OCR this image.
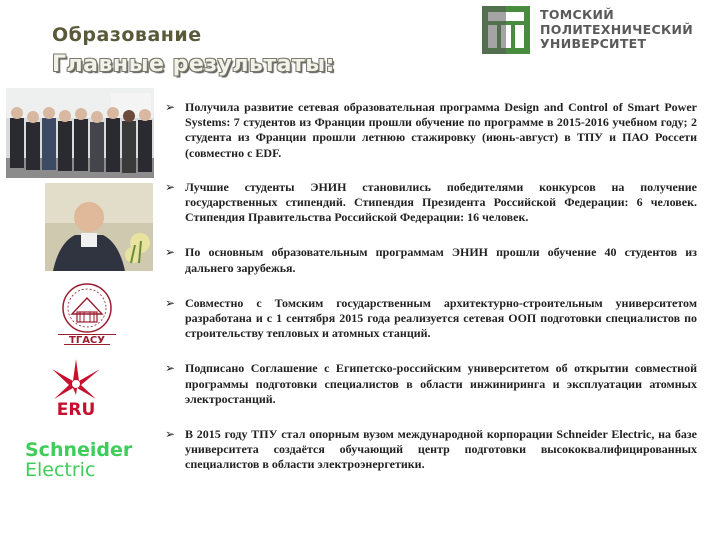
Образование
Главные результаты:
ТОМСКИЙ
ПОЛИТЕХНИЧЕСКИЙ
УНИВЕРСИТЕТ
ТГАСУ
ERU
Schneider
Electric
➢ Получила развитие сетевая образовательная программа Design and Control of Smart Power Systems: 7 студентов из Франции прошли обучение по программе в 2015-2016 учебном году; 2 студента из Франции прошли летнюю стажировку (июнь-август) в ТПУ и ПАО Россети (совместно с EDF.
➢ Лучшие студенты ЭНИН становились победителями конкурсов на получение государственных стипендий. Стипендия Президента Российской Федерации: 6 человек. Стипендия Правительства Российской Федерации: 16 человек.
➢ По основным образовательным программам ЭНИН прошли обучение 40 студентов из дальнего зарубежья.
➢ Совместно с Томским государственным архитектурно-строительным университетом разработана и с 1 сентября 2015 года реализуется сетевая ООП подготовки специалистов по строительству тепловых и атомных станций.
➢ Подписано Соглашение с Египетско-российским университетом об открытии совместной программы подготовки специалистов в области инжиниринга и эксплуатации атомных электростанций.
➢ В 2015 году ТПУ стал опорным вузом международной корпорации Schneider Electric, на базе университета создаётся обучающий центр подготовки высококвалифицированных специалистов в области электроэнергетики.
